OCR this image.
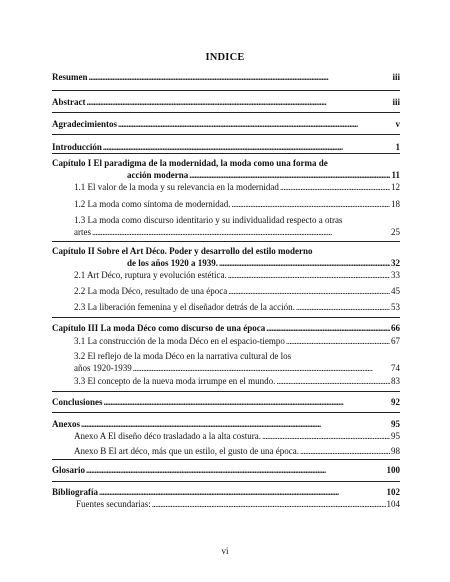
INDICE
Resumen . . .	iii
Abstract . . .	iii
Agradecimientos . . .	v
Introducción . . .	1
Capítulo I El paradigma de la modernidad, la moda como una forma de
acción moderna . . .	11
1.1 El valor de la moda y su relevancia en la modernidad . . .	12
1.2 La moda como síntoma de modernidad. . . .	18
1.3 La moda como discurso identitario y su individualidad respecto a otras
artes . . .	25
Capítulo II Sobre el Art Déco. Poder y desarrollo del estilo moderno
de los años 1920 a 1939. . . .	32
2.1 Art Déco, ruptura y evolución estética. . . .	33
2.2 La moda Déco, resultado de una época . . .	45
2.3 La liberación femenina y el diseñador detrás de la acción. . . .	53
Capítulo III La moda Déco como discurso de una época . . .	66
3.1 La construcción de la moda Déco en el espacio-tiempo . . .	67
3.2 El reflejo de la moda Déco en la narrativa cultural de los
años 1920-1939 . . .	74
3.3 El concepto de la nueva moda irrumpe en el mundo. . . .	83
Conclusiones . . .	92
Anexos . . .	95
Anexo A El diseño déco trasladado a la alta costura. . . .	95
Anexo B El art déco, más que un estilo, el gusto de una época. . . .	98
Glosario . . .	100
Bibliografía . . .	102
Fuentes secundarias: . . .	104
vi
